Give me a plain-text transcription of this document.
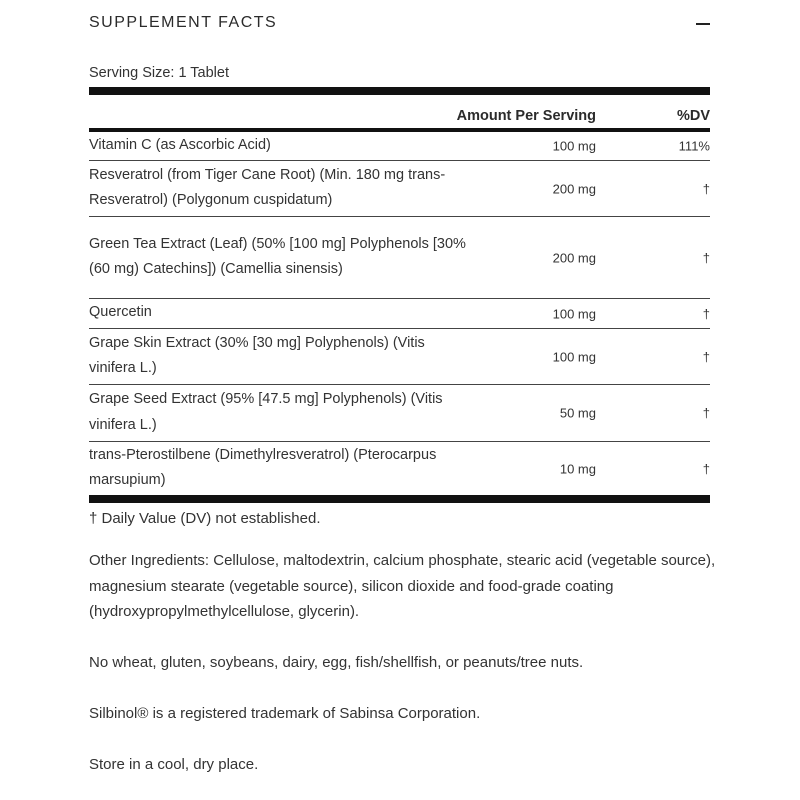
SUPPLEMENT FACTS
Serving Size: 1 Tablet
Amount Per Serving	%DV
Vitamin C (as Ascorbic Acid)	100 mg	111%
Resveratrol (from Tiger Cane Root) (Min. 180 mg trans-Resveratrol) (Polygonum cuspidatum)
200 mg	†
Green Tea Extract (Leaf) (50% [100 mg] Polyphenols [30% (60 mg) Catechins]) (Camellia sinensis)
200 mg	†
Quercetin	100 mg	†
Grape Skin Extract (30% [30 mg] Polyphenols) (Vitis vinifera L.)
100 mg	†
Grape Seed Extract (95% [47.5 mg] Polyphenols) (Vitis vinifera L.)
50 mg	†
trans-Pterostilbene (Dimethylresveratrol) (Pterocarpus marsupium)
10 mg	†
† Daily Value (DV) not established.
Other Ingredients: Cellulose, maltodextrin, calcium phosphate, stearic acid (vegetable source), magnesium stearate (vegetable source), silicon dioxide and food-grade coating (hydroxypropylmethylcellulose, glycerin).
No wheat, gluten, soybeans, dairy, egg, fish/shellfish, or peanuts/tree nuts.
Silbinol® is a registered trademark of Sabinsa Corporation.
Store in a cool, dry place.
